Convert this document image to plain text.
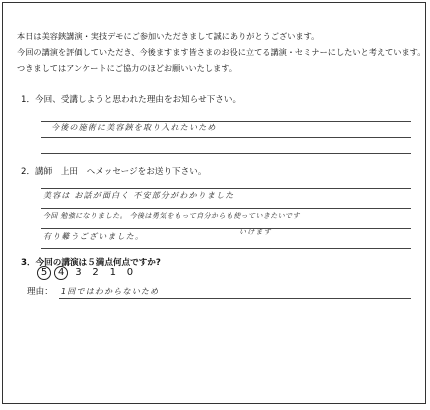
本日は美容鋏講演・実技デモにご参加いただきまして誠にありがとうございます。
今回の講演を評価していただき、今後ますます皆さまのお役に立てる講演・セミナーにしたいと考えています。
つきましてはアンケートにご協力のほどお願いいたします。
1．今回、受講しようと思われた理由をお知らせ下さい。
今後の施術に美容鋏を取り入れたいため
2．講師　上田　へメッセージをお送り下さい。
美容は お話が面白く 不安部分がわかりました
今回 勉強になりました。 今後は勇気をもって自分からも使っていきたいです
いけます
有り難うございました。
3．今回の講演は５満点何点ですか?
5 4 3 2 1 0
理由： 1回ではわからないため
